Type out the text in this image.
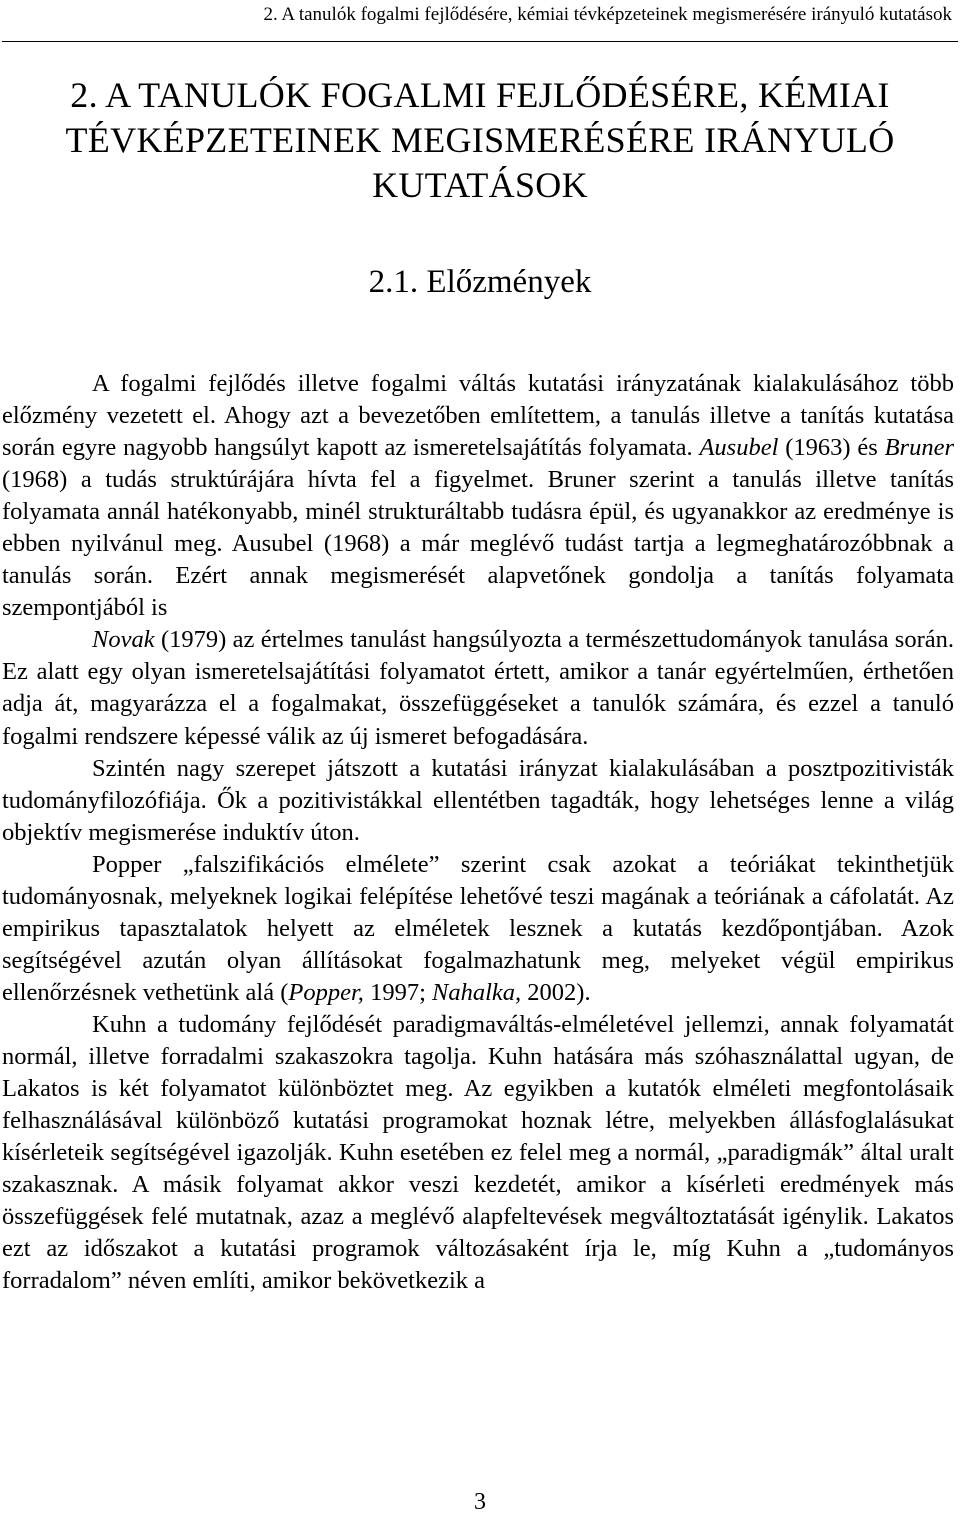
2. A tanulók fogalmi fejlődésére, kémiai tévképzeteinek megismerésére irányuló kutatások
2. A TANULÓK FOGALMI FEJLŐDÉSÉRE, KÉMIAI
TÉVKÉPZETEINEK MEGISMERÉSÉRE IRÁNYULÓ
KUTATÁSOK
2.1. Előzmények

A fogalmi fejlődés illetve fogalmi váltás kutatási irányzatának kialakulásához több előzmény vezetett el. Ahogy azt a bevezetőben említettem, a tanulás illetve a tanítás kutatása során egyre nagyobb hangsúlyt kapott az ismeretelsajátítás folyamata. Ausubel (1963) és Bruner (1968) a tudás struktúrájára hívta fel a figyelmet. Bruner szerint a tanulás illetve tanítás folyamata annál hatékonyabb, minél strukturáltabb tudásra épül, és ugyanakkor az eredménye is ebben nyilvánul meg. Ausubel (1968) a már meglévő tudást tartja a legmeghatározóbbnak a tanulás során. Ezért annak megismerését alapvetőnek gondolja a tanítás folyamata szempontjából is

Novak (1979) az értelmes tanulást hangsúlyozta a természettudományok tanulása során. Ez alatt egy olyan ismeretelsajátítási folyamatot értett, amikor a tanár egyértelműen, érthetően adja át, magyarázza el a fogalmakat, összefüggéseket a tanulók számára, és ezzel a tanuló fogalmi rendszere képessé válik az új ismeret befogadására.

Szintén nagy szerepet játszott a kutatási irányzat kialakulásában a posztpozitivisták tudományfilozófiája. Ők a pozitivistákkal ellentétben tagadták, hogy lehetséges lenne a világ objektív megismerése induktív úton.

Popper „falszifikációs elmélete” szerint csak azokat a teóriákat tekinthetjük tudományosnak, melyeknek logikai felépítése lehetővé teszi magának a teóriának a cáfolatát. Az empirikus tapasztalatok helyett az elméletek lesznek a kutatás kezdőpontjában. Azok segítségével azután olyan állításokat fogalmazhatunk meg, melyeket végül empirikus ellenőrzésnek vethetünk alá (Popper, 1997; Nahalka, 2002).

Kuhn a tudomány fejlődését paradigmaváltás-elméletével jellemzi, annak folyamatát normál, illetve forradalmi szakaszokra tagolja. Kuhn hatására más szóhasználattal ugyan, de Lakatos is két folyamatot különböztet meg. Az egyikben a kutatók elméleti megfontolásaik felhasználásával különböző kutatási programokat hoznak létre, melyekben állásfoglalásukat kísérleteik segítségével igazolják. Kuhn esetében ez felel meg a normál, „paradigmák” által uralt szakasznak. A másik folyamat akkor veszi kezdetét, amikor a kísérleti eredmények más összefüggések felé mutatnak, azaz a meglévő alapfeltevések megváltoztatását igénylik. Lakatos ezt az időszakot a kutatási programok változásaként írja le, míg Kuhn a „tudományos forradalom” néven említi, amikor bekövetkezik a

3
